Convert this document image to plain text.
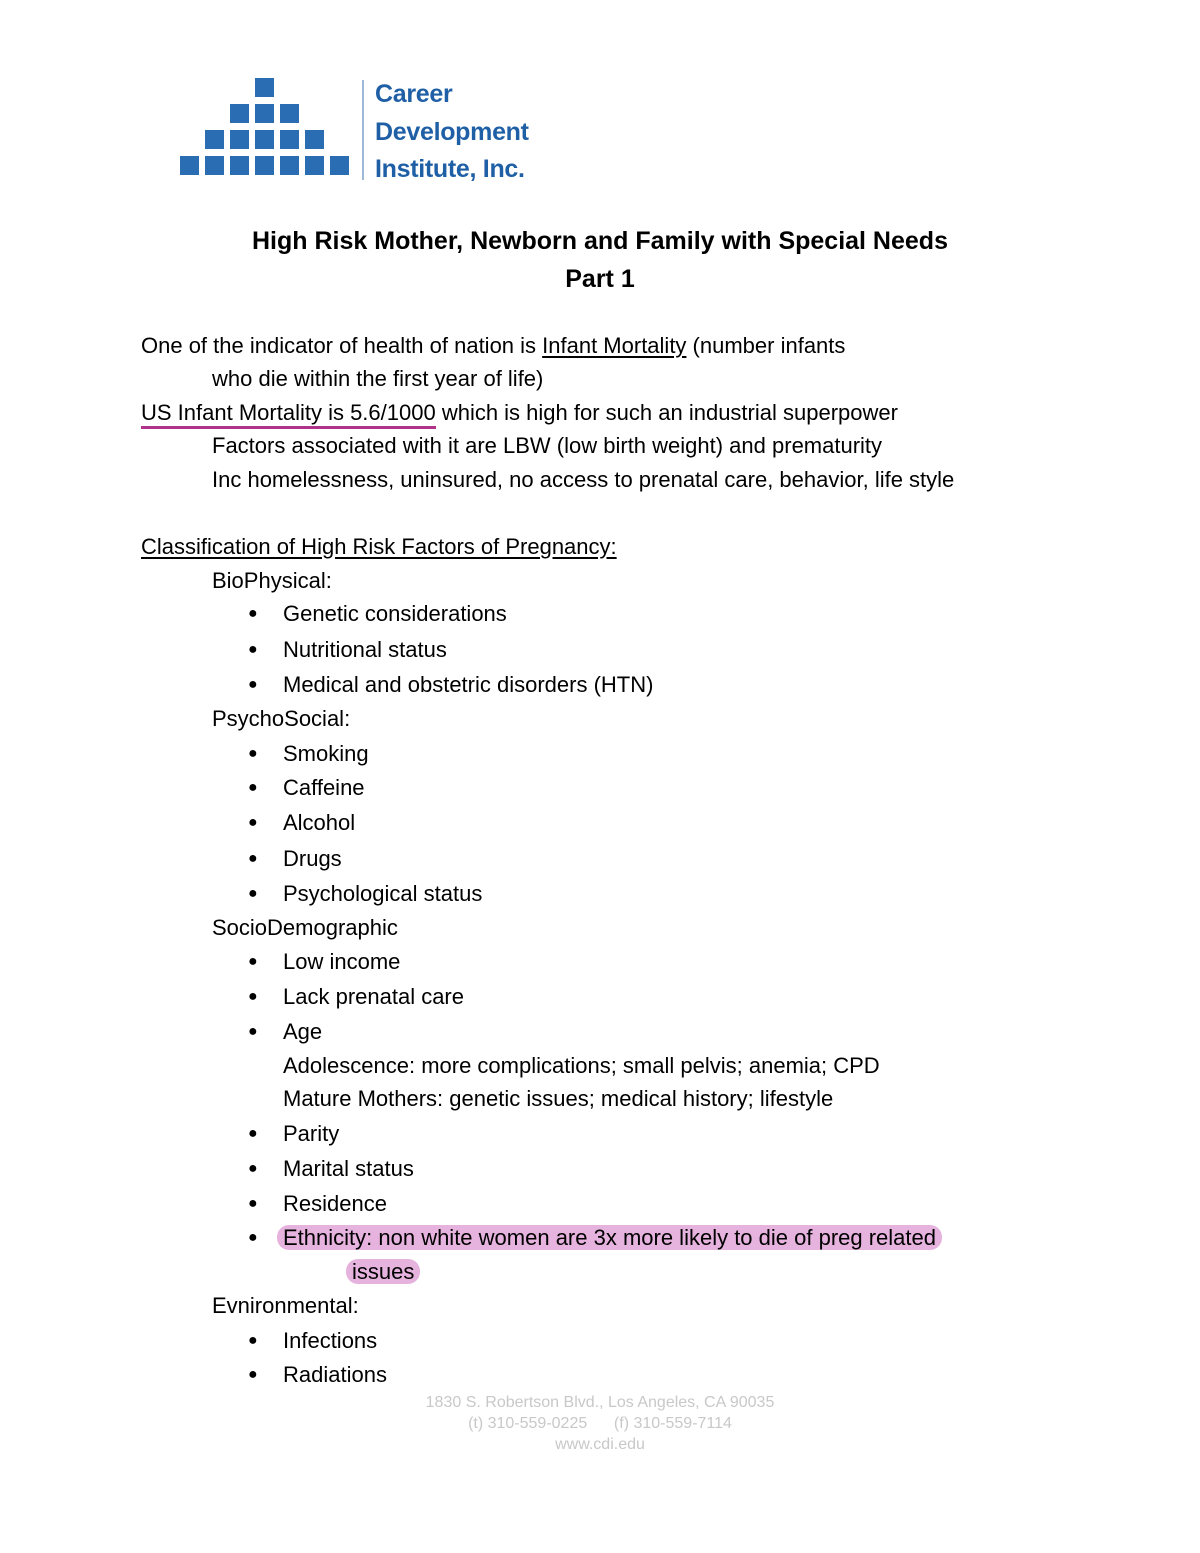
Career
Development
Institute, Inc.
High Risk Mother, Newborn and Family with Special Needs
Part 1
One of the indicator of health of nation is Infant Mortality (number infants
who die within the first year of life)
US Infant Mortality is 5.6/1000 which is high for such an industrial superpower
Factors associated with it are LBW (low birth weight) and prematurity
Inc homelessness, uninsured, no access to prenatal care, behavior, life style
Classification of High Risk Factors of Pregnancy:
BioPhysical:
● Genetic considerations
● Nutritional status
● Medical and obstetric disorders (HTN)
PsychoSocial:
● Smoking
● Caffeine
● Alcohol
● Drugs
● Psychological status
SocioDemographic
● Low income
● Lack prenatal care
● Age
Adolescence: more complications; small pelvis; anemia; CPD
Mature Mothers: genetic issues; medical history; lifestyle
● Parity
● Marital status
● Residence
● Ethnicity: non white women are 3x more likely to die of preg related
issues
Evnironmental:
● Infections
● Radiations
1830 S. Robertson Blvd., Los Angeles, CA 90035
(t) 310-559-0225      (f) 310-559-7114
www.cdi.edu
